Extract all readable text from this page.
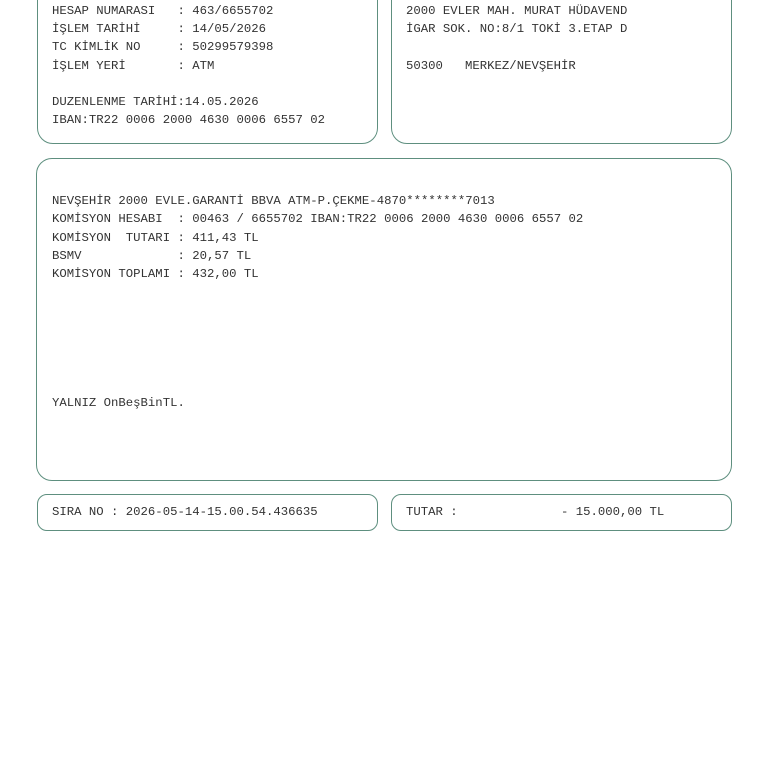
HESAP NUMARASI   : 463/6655702
İŞLEM TARİHİ     : 14/05/2026
TC KİMLİK NO     : 50299579398
İŞLEM YERİ       : ATM
DUZENLENME TARİHİ:14.05.2026
IBAN:TR22 0006 2000 4630 0006 6557 02
2000 EVLER MAH. MURAT HÜDAVEND
İGAR SOK. NO:8/1 TOKİ 3.ETAP D
50300   MERKEZ/NEVŞEHİR
NEVŞEHİR 2000 EVLE.GARANTİ BBVA ATM-P.ÇEKME-4870********7013
KOMİSYON HESABI  : 00463 / 6655702 IBAN:TR22 0006 2000 4630 0006 6557 02
KOMİSYON  TUTARI : 411,43 TL
BSMV             : 20,57 TL
KOMİSYON TOPLAMI : 432,00 TL
YALNIZ OnBeşBinTL.
SIRA NO : 2026-05-14-15.00.54.436635	TUTAR :              - 15.000,00 TL
